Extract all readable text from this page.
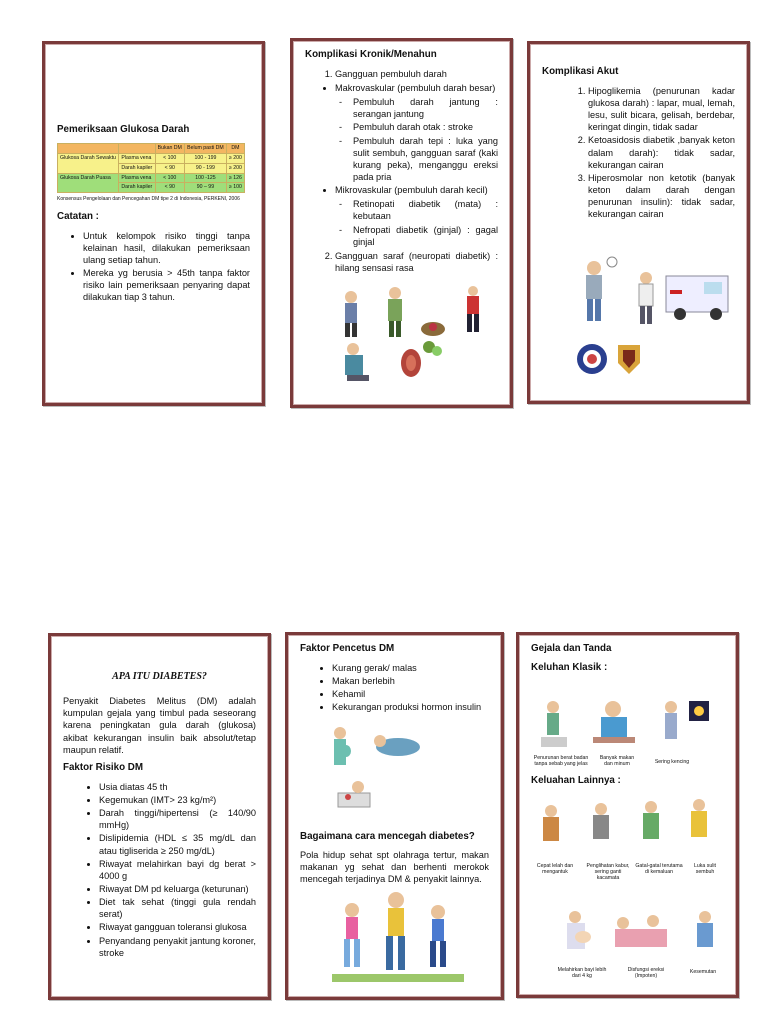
Pemeriksaan Glukosa Darah
		Bukan DM	Belum pasti DM	DM
Glukosa Darah Sewaktu	Plasma vena	< 100	100 - 199	≥ 200
	Darah kapiler	< 90	90 - 199	≥ 200
Glukosa Darah Puasa	Plasma vena	< 100	100 -125	≥ 126
	Darah kapiler	< 90	90 – 99	≥ 100
Konsensus Pengelolaan dan Pencegahan DM tipe 2 di Indonesia, PERKENI, 2006
Catatan :
• Untuk kelompok risiko tinggi tanpa kelainan hasil, dilakukan pemeriksaan ulang setiap tahun.
• Mereka yg berusia > 45th tanpa faktor risiko lain pemeriksaan penyaring dapat dilakukan tiap 3 tahun.
Komplikasi Kronik/Menahun
1. Gangguan pembuluh darah
• Makrovaskular (pembuluh darah besar)
- Pembuluh darah jantung : serangan jantung
- Pembuluh darah otak : stroke
- Pembuluh darah tepi : luka yang sulit sembuh, gangguan saraf (kaki kurang peka), menganggu ereksi pada pria
• Mikrovaskular (pembuluh darah kecil)
- Retinopati diabetik (mata) : kebutaan
- Nefropati diabetik (ginjal) : gagal ginjal
2. Gangguan saraf (neuropati diabetik) : hilang sensasi rasa
Komplikasi Akut
1. Hipoglikemia (penurunan kadar glukosa darah) : lapar, mual, lemah, lesu, sulit bicara, gelisah, berdebar, keringat dingin, tidak sadar
2. Ketoasidosis diabetik ,banyak keton dalam darah): tidak sadar, kekurangan cairan
3. Hiperosmolar non ketotik (banyak keton dalam darah dengan penurunan insulin): tidak sadar, kekurangan cairan
APA ITU DIABETES?

Penyakit Diabetes Melitus (DM) adalah kumpulan gejala yang timbul pada seseorang karena peningkatan gula darah (glukosa) akibat kekurangan insulin baik absolut/tetap maupun relatif.

Faktor Risiko DM
• Usia diatas 45 th
• Kegemukan (IMT> 23 kg/m²)
• Darah tinggi/hipertensi (≥ 140/90 mmHg)
• Dislipidemia (HDL ≤ 35 mg/dL dan atau tigliserida ≥ 250 mg/dL)
• Riwayat melahirkan bayi dg berat > 4000 g
• Riwayat DM pd keluarga (keturunan)
• Diet tak sehat (tinggi gula rendah serat)
• Riwayat gangguan toleransi glukosa
• Penyandang penyakit jantung koroner, stroke
Faktor Pencetus DM
• Kurang gerak/ malas
• Makan berlebih
• Kehamil
• Kekurangan produksi hormon insulin
Bagaimana cara mencegah diabetes?

Pola hidup sehat spt olahraga tertur, makan makanan yg sehat dan berhenti merokok mencegah terjadinya DM & penyakit lainnya.

Gejala dan Tanda
Keluhan Klasik :
Penurunan berat badan tanpa sebab yang jelas
Banyak makan dan minum	Sering kencing
Keluahan Lainnya :
Cepat lelah dan mengantuk
Penglihatan kabur, sering ganti kacamata
Gatal-gatal terutama di kemaluan
Luka sulit sembuh
Melahirkan bayi lebih dari 4 kg
Disfungsi ereksi (Impoten)
Kesemutan
